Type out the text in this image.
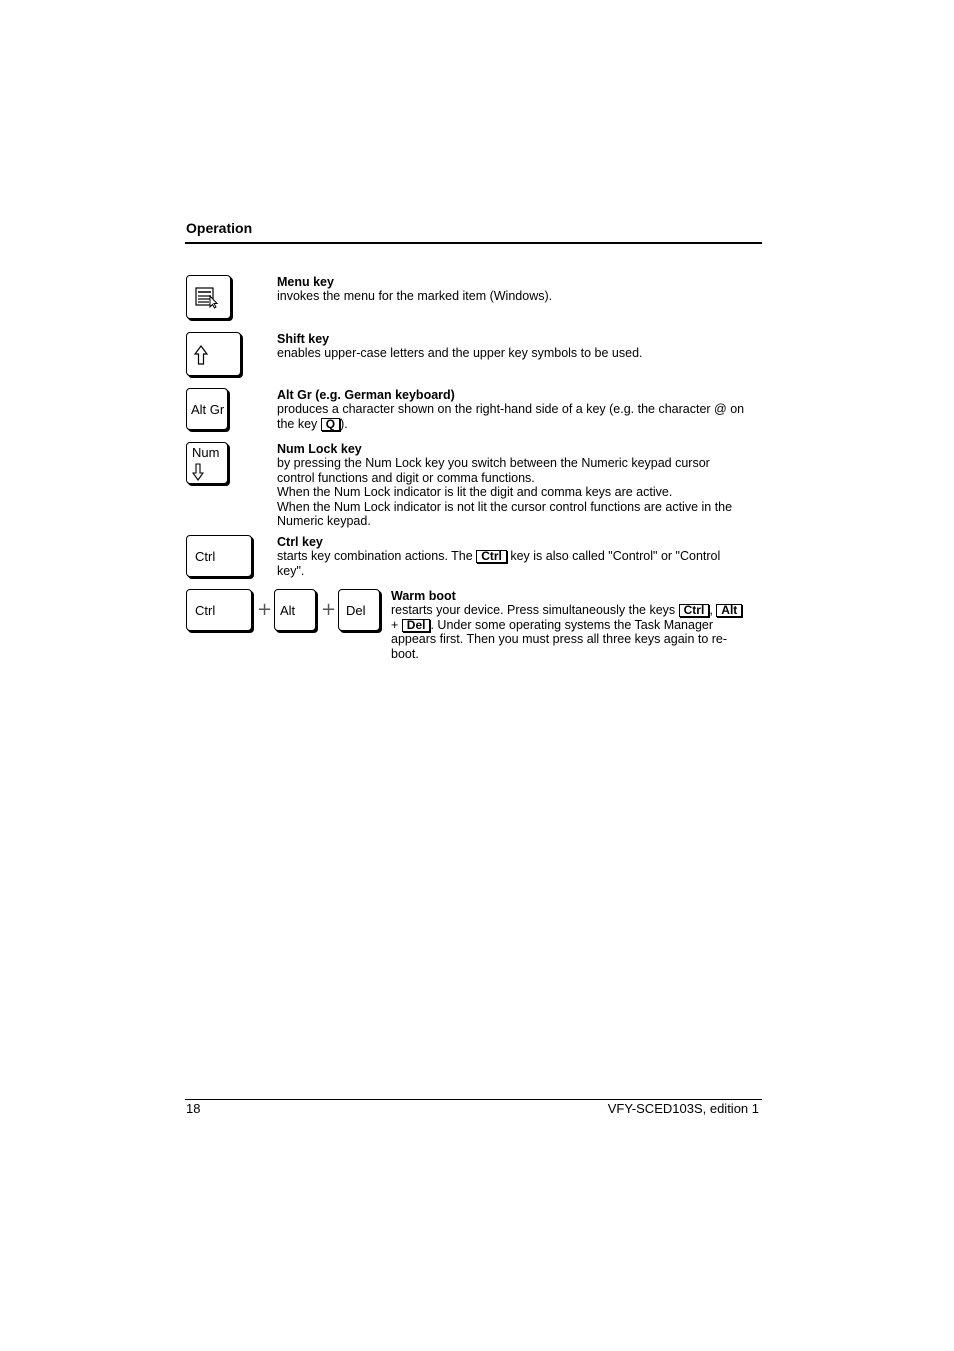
Operation
Menu key
invokes the menu for the marked item (Windows).
Shift key
enables upper-case letters and the upper key symbols to be used.
Alt Gr
Alt Gr (e.g. German keyboard)
produces a character shown on the right-hand side of a key (e.g. the character @ on
the key Q ).
Num	Num Lock key
by pressing the Num Lock key you switch between the Numeric keypad cursor
control functions and digit or comma functions.
When the Num Lock indicator is lit the digit and comma keys are active.
When the Num Lock indicator is not lit the cursor control functions are active in the
Numeric keypad.
Ctrl
Ctrl key
starts key combination actions. The Ctrl key is also called "Control" or "Control
key".
Ctrl + Alt + Del
Warm boot
restarts your device. Press simultaneously the keys Ctrl , Alt
+ Del . Under some operating systems the Task Manager
appears first. Then you must press all three keys again to re-
boot.
18	VFY-SCED103S, edition 1
